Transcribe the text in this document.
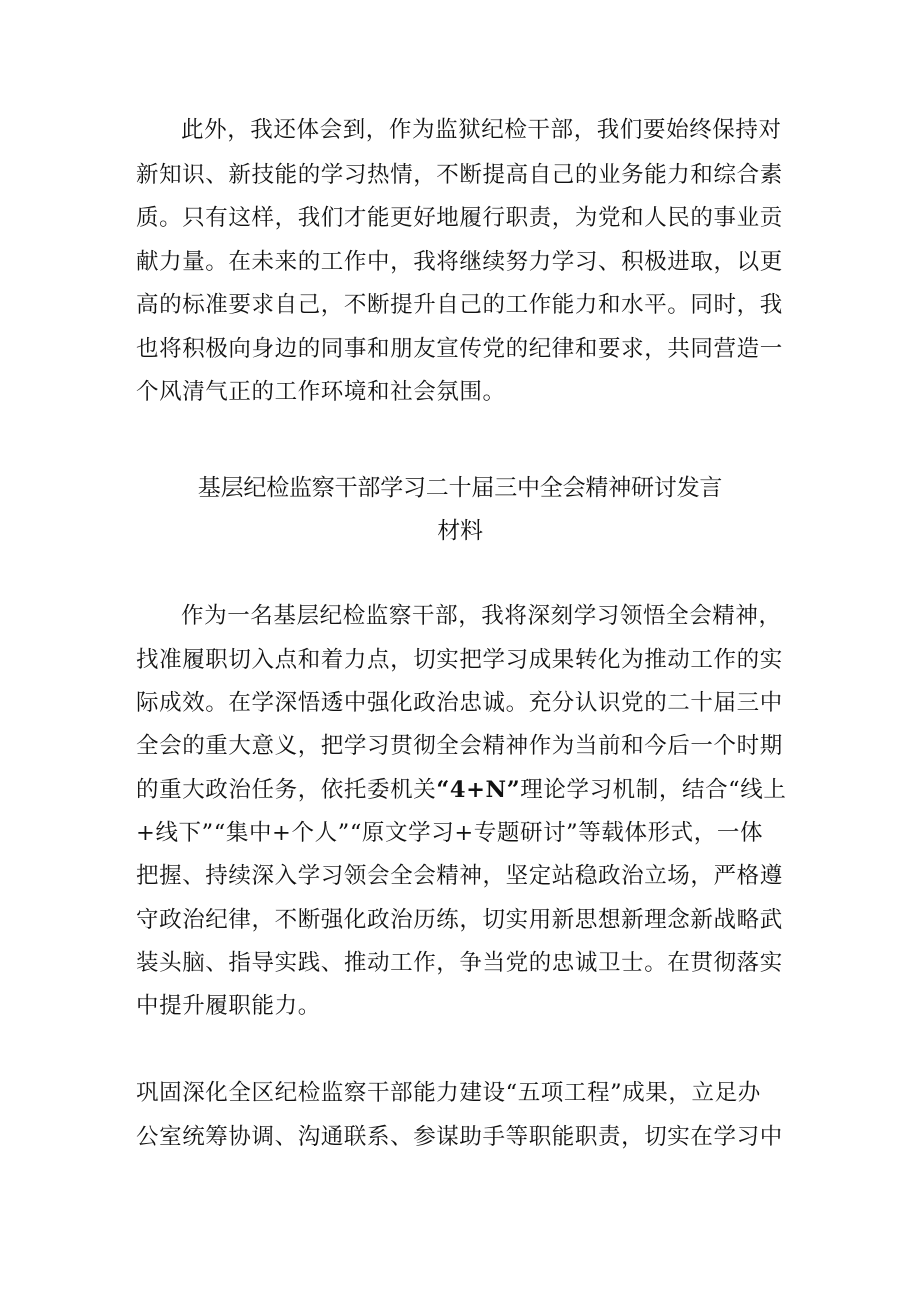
此外，我还体会到，作为监狱纪检干部，我们要始终保持对
新知识、新技能的学习热情，不断提高自己的业务能力和综合素
质。只有这样，我们才能更好地履行职责，为党和人民的事业贡
献力量。在未来的工作中，我将继续努力学习、积极进取，以更
高的标准要求自己，不断提升自己的工作能力和水平。同时，我
也将积极向身边的同事和朋友宣传党的纪律和要求，共同营造一
个风清气正的工作环境和社会氛围。
基层纪检监察干部学习二十届三中全会精神研讨发言
材料
作为一名基层纪检监察干部，我将深刻学习领悟全会精神，
找准履职切入点和着力点，切实把学习成果转化为推动工作的实
际成效。在学深悟透中强化政治忠诚。充分认识党的二十届三中
全会的重大意义，把学习贯彻全会精神作为当前和今后一个时期
的重大政治任务，依托委机关“4+N”理论学习机制，结合“线上
+线下”“集中+个人”“原文学习+专题研讨”等载体形式，一体
把握、持续深入学习领会全会精神，坚定站稳政治立场，严格遵
守政治纪律，不断强化政治历练，切实用新思想新理念新战略武
装头脑、指导实践、推动工作，争当党的忠诚卫士。在贯彻落实
中提升履职能力。
巩固深化全区纪检监察干部能力建设“五项工程”成果，立足办
公室统筹协调、沟通联系、参谋助手等职能职责，切实在学习中
